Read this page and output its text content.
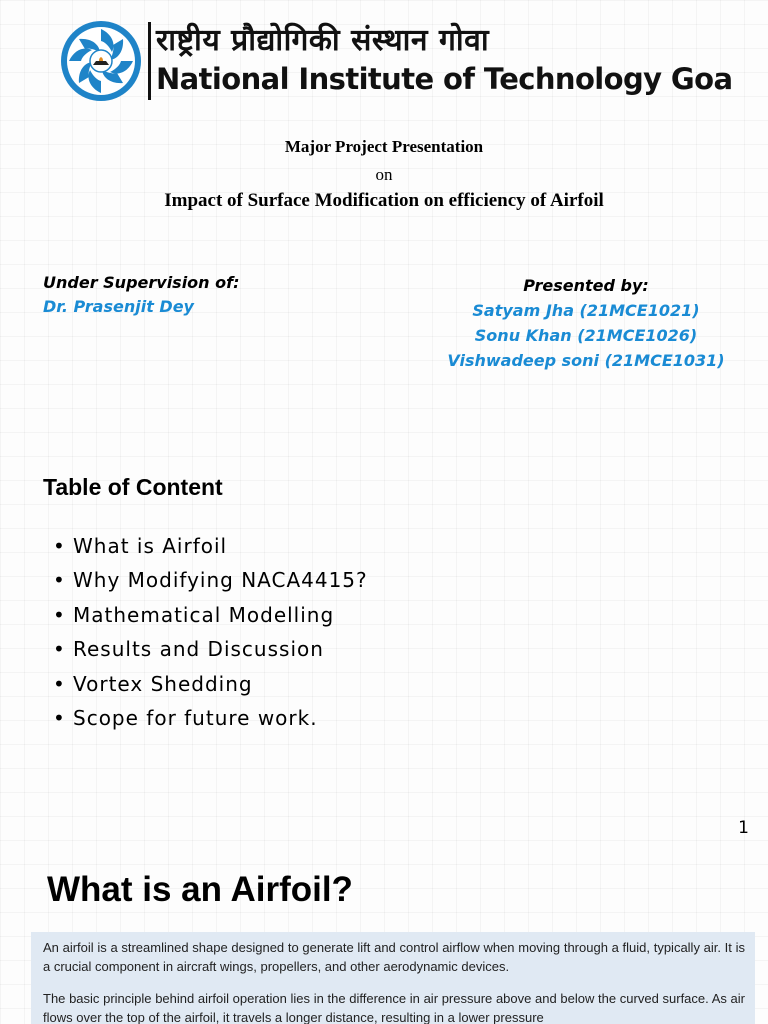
राष्ट्रीय प्रौद्योगिकी संस्थान गोवा
National Institute of Technology Goa
Major Project Presentation
on
Impact of Surface Modification on efficiency of Airfoil
Under Supervision of:
Dr. Prasenjit Dey
Presented by:
Satyam Jha (21MCE1021)
Sonu Khan (21MCE1026)
Vishwadeep soni (21MCE1031)
Table of Content
• What is Airfoil
• Why Modifying NACA4415?
• Mathematical Modelling
• Results and Discussion
• Vortex Shedding
• Scope for future work.
1
What is an Airfoil?

An airfoil is a streamlined shape designed to generate lift and control airflow when moving through a fluid, typically air. It is a crucial component in aircraft wings, propellers, and other aerodynamic devices.

The basic principle behind airfoil operation lies in the difference in air pressure above and below the curved surface. As air flows over the top of the airfoil, it travels a longer distance, resulting in a lower pressure
